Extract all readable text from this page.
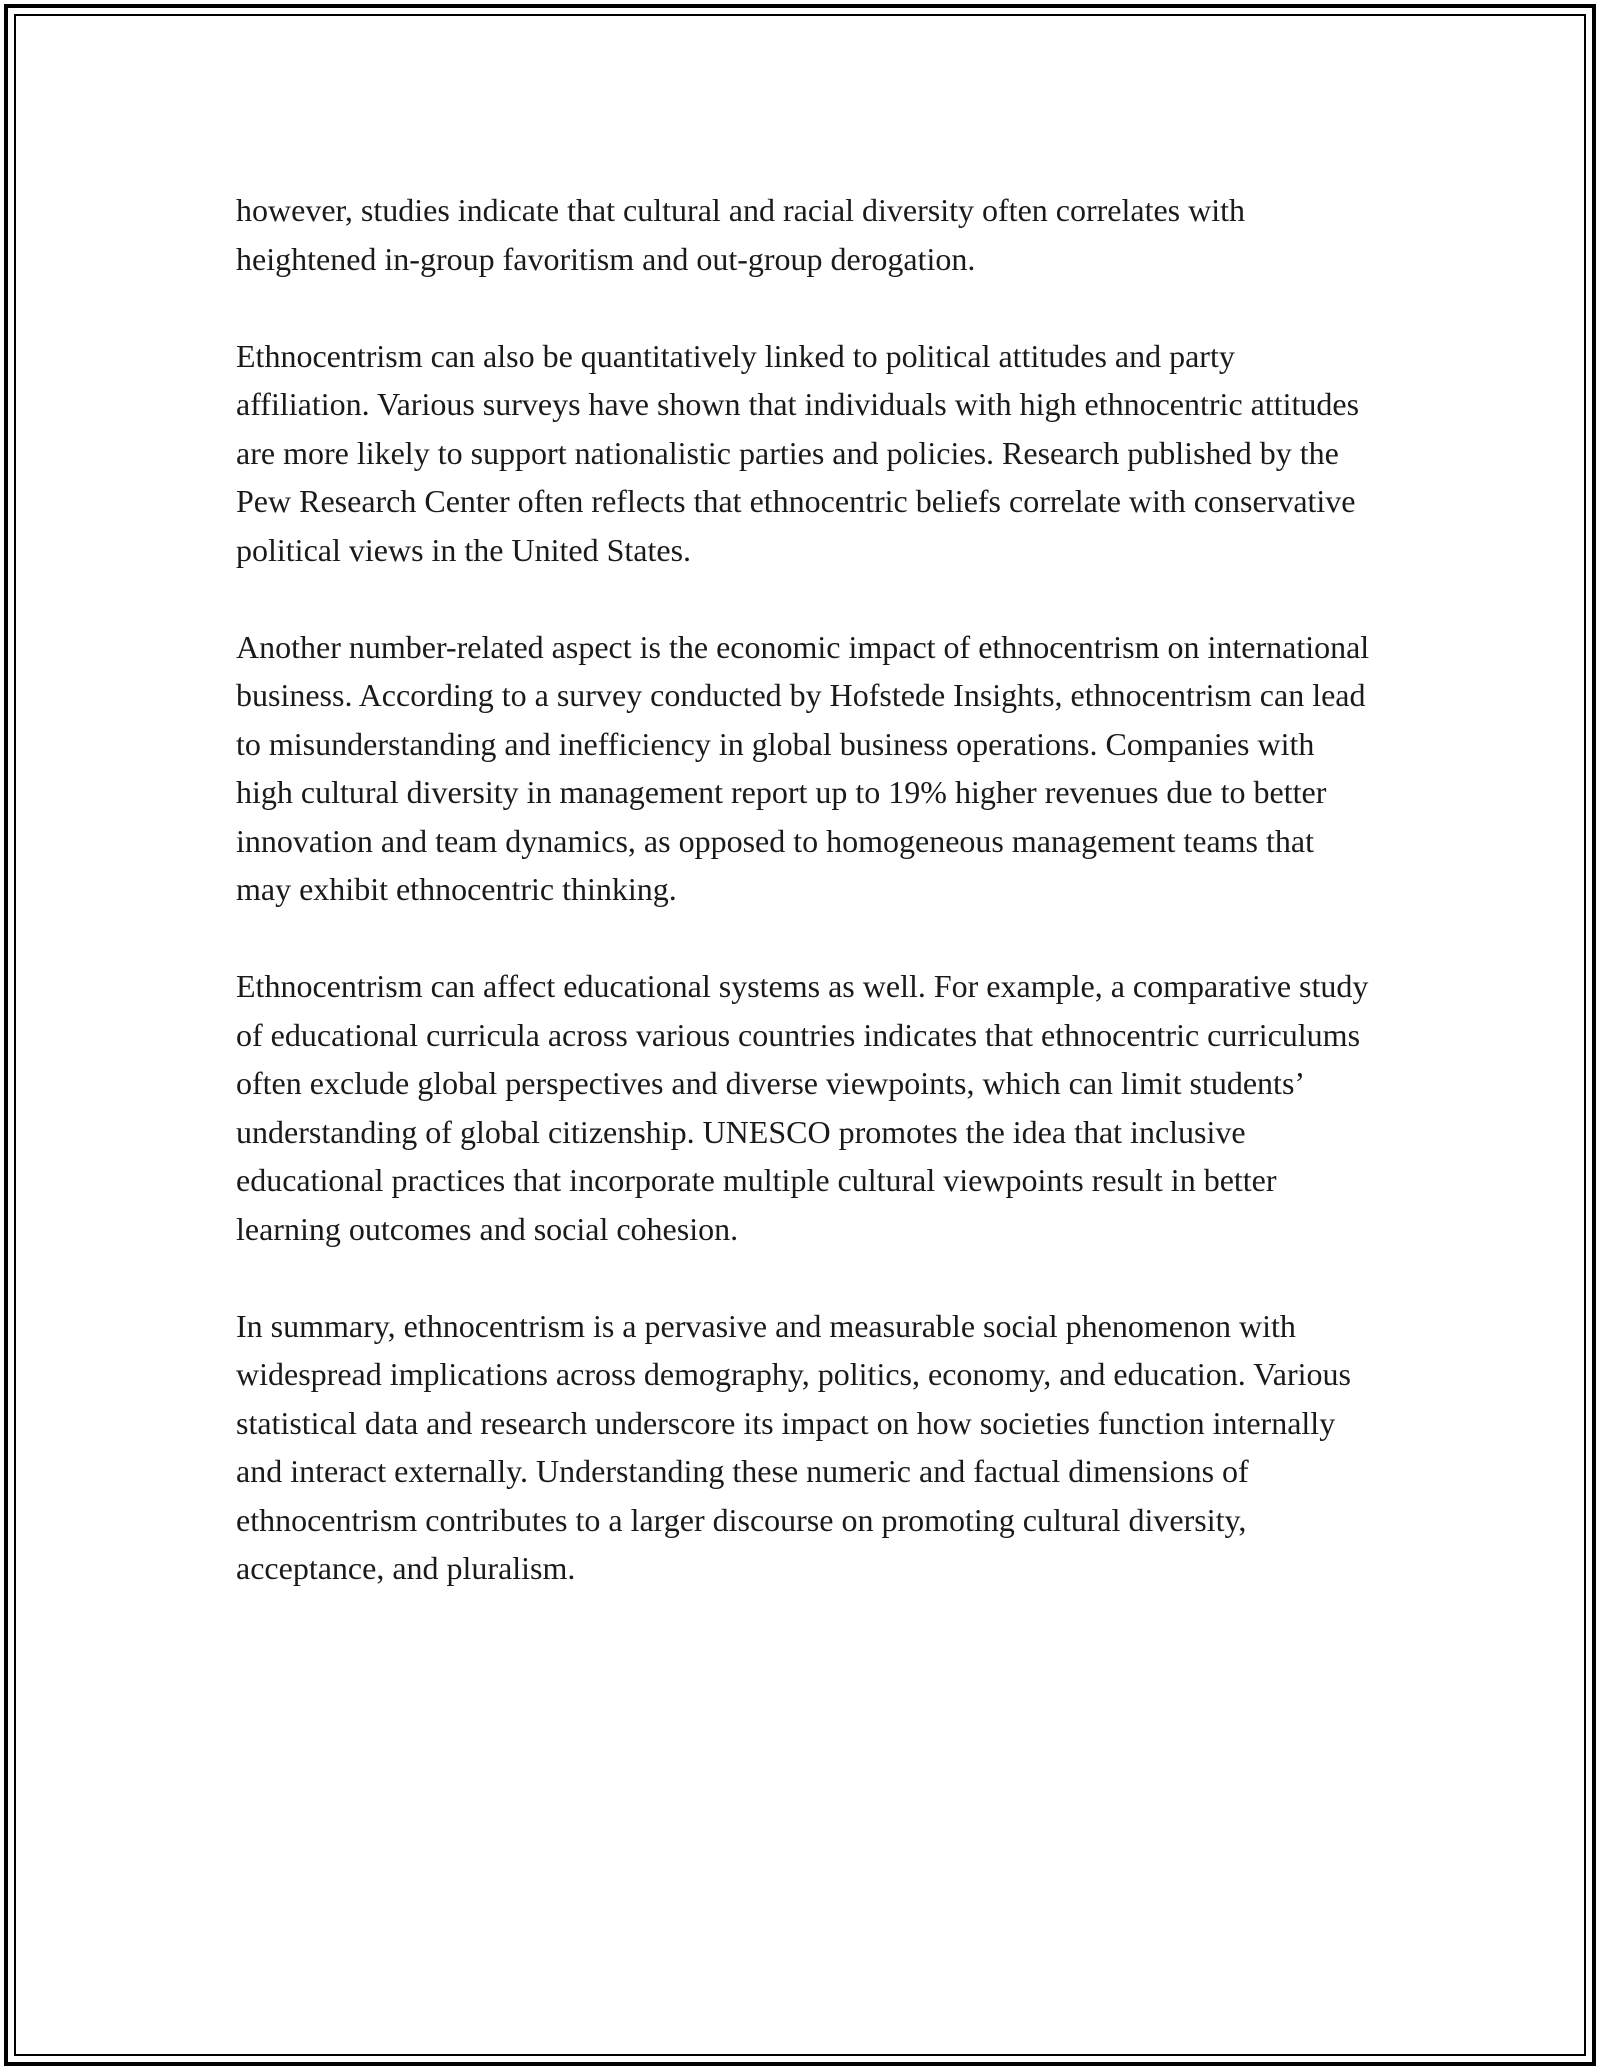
however, studies indicate that cultural and racial diversity often correlates with heightened in-group favoritism and out-group derogation.

Ethnocentrism can also be quantitatively linked to political attitudes and party affiliation. Various surveys have shown that individuals with high ethnocentric attitudes are more likely to support nationalistic parties and policies. Research published by the Pew Research Center often reflects that ethnocentric beliefs correlate with conservative political views in the United States.

Another number-related aspect is the economic impact of ethnocentrism on international business. According to a survey conducted by Hofstede Insights, ethnocentrism can lead to misunderstanding and inefficiency in global business operations. Companies with high cultural diversity in management report up to 19% higher revenues due to better innovation and team dynamics, as opposed to homogeneous management teams that may exhibit ethnocentric thinking.

Ethnocentrism can affect educational systems as well. For example, a comparative study of educational curricula across various countries indicates that ethnocentric curriculums often exclude global perspectives and diverse viewpoints, which can limit students’ understanding of global citizenship. UNESCO promotes the idea that inclusive educational practices that incorporate multiple cultural viewpoints result in better learning outcomes and social cohesion.

In summary, ethnocentrism is a pervasive and measurable social phenomenon with widespread implications across demography, politics, economy, and education. Various statistical data and research underscore its impact on how societies function internally and interact externally. Understanding these numeric and factual dimensions of ethnocentrism contributes to a larger discourse on promoting cultural diversity, acceptance, and pluralism.
